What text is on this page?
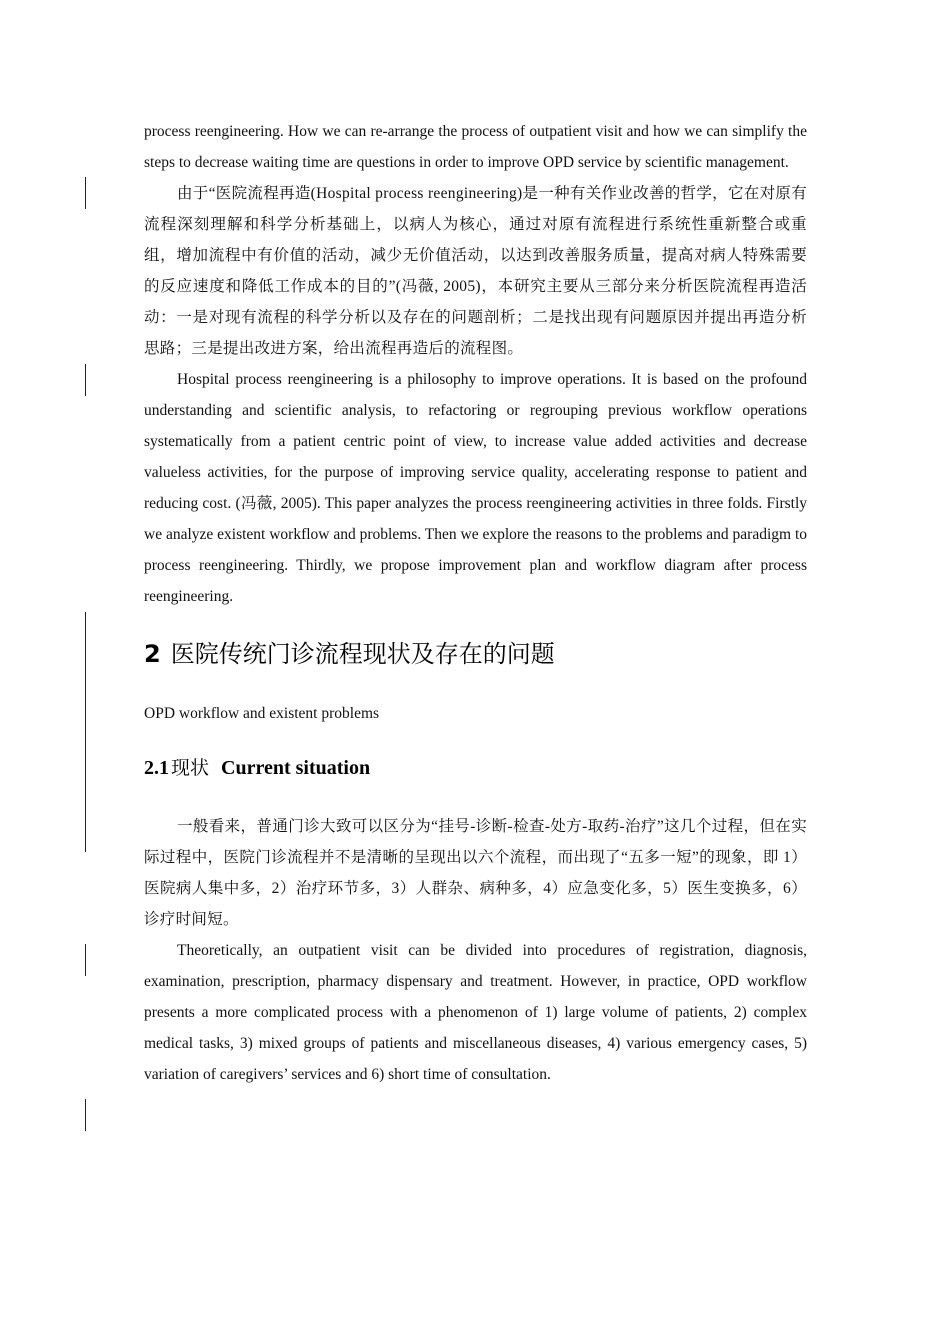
process reengineering. How we can re-arrange the process of outpatient visit and how we can simplify the steps to decrease waiting time are questions in order to improve OPD service by scientific management.

由于“医院流程再造(Hospital process reengineering)是一种有关作业改善的哲学，它在对原有流程深刻理解和科学分析基础上，以病人为核心，通过对原有流程进行系统性重新整合或重组，增加流程中有价值的活动，减少无价值活动，以达到改善服务质量，提高对病人特殊需要的反应速度和降低工作成本的目的”(冯薇, 2005)，本研究主要从三部分来分析医院流程再造活动：一是对现有流程的科学分析以及存在的问题剖析；二是找出现有问题原因并提出再造分析思路；三是提出改进方案，给出流程再造后的流程图。

Hospital process reengineering is a philosophy to improve operations. It is based on the profound understanding and scientific analysis, to refactoring or regrouping previous workflow operations systematically from a patient centric point of view, to increase value added activities and decrease valueless activities, for the purpose of improving service quality, accelerating response to patient and reducing cost. (冯薇, 2005). This paper analyzes the process reengineering activities in three folds. Firstly we analyze existent workflow and problems. Then we explore the reasons to the problems and paradigm to process reengineering. Thirdly, we propose improvement plan and workflow diagram after process reengineering.

2 医院传统门诊流程现状及存在的问题

OPD workflow and existent problems

2.1 现状 Current situation

一般看来，普通门诊大致可以区分为“挂号-诊断-检查-处方-取药-治疗”这几个过程，但在实际过程中，医院门诊流程并不是清晰的呈现出以六个流程，而出现了“五多一短”的现象，即 1）医院病人集中多，2）治疗环节多，3）人群杂、病种多，4）应急变化多，5）医生变换多，6）诊疗时间短。

Theoretically, an outpatient visit can be divided into procedures of registration, diagnosis, examination, prescription, pharmacy dispensary and treatment. However, in practice, OPD workflow presents a more complicated process with a phenomenon of 1) large volume of patients, 2) complex medical tasks, 3) mixed groups of patients and miscellaneous diseases, 4) various emergency cases, 5) variation of caregivers’ services and 6) short time of consultation.
